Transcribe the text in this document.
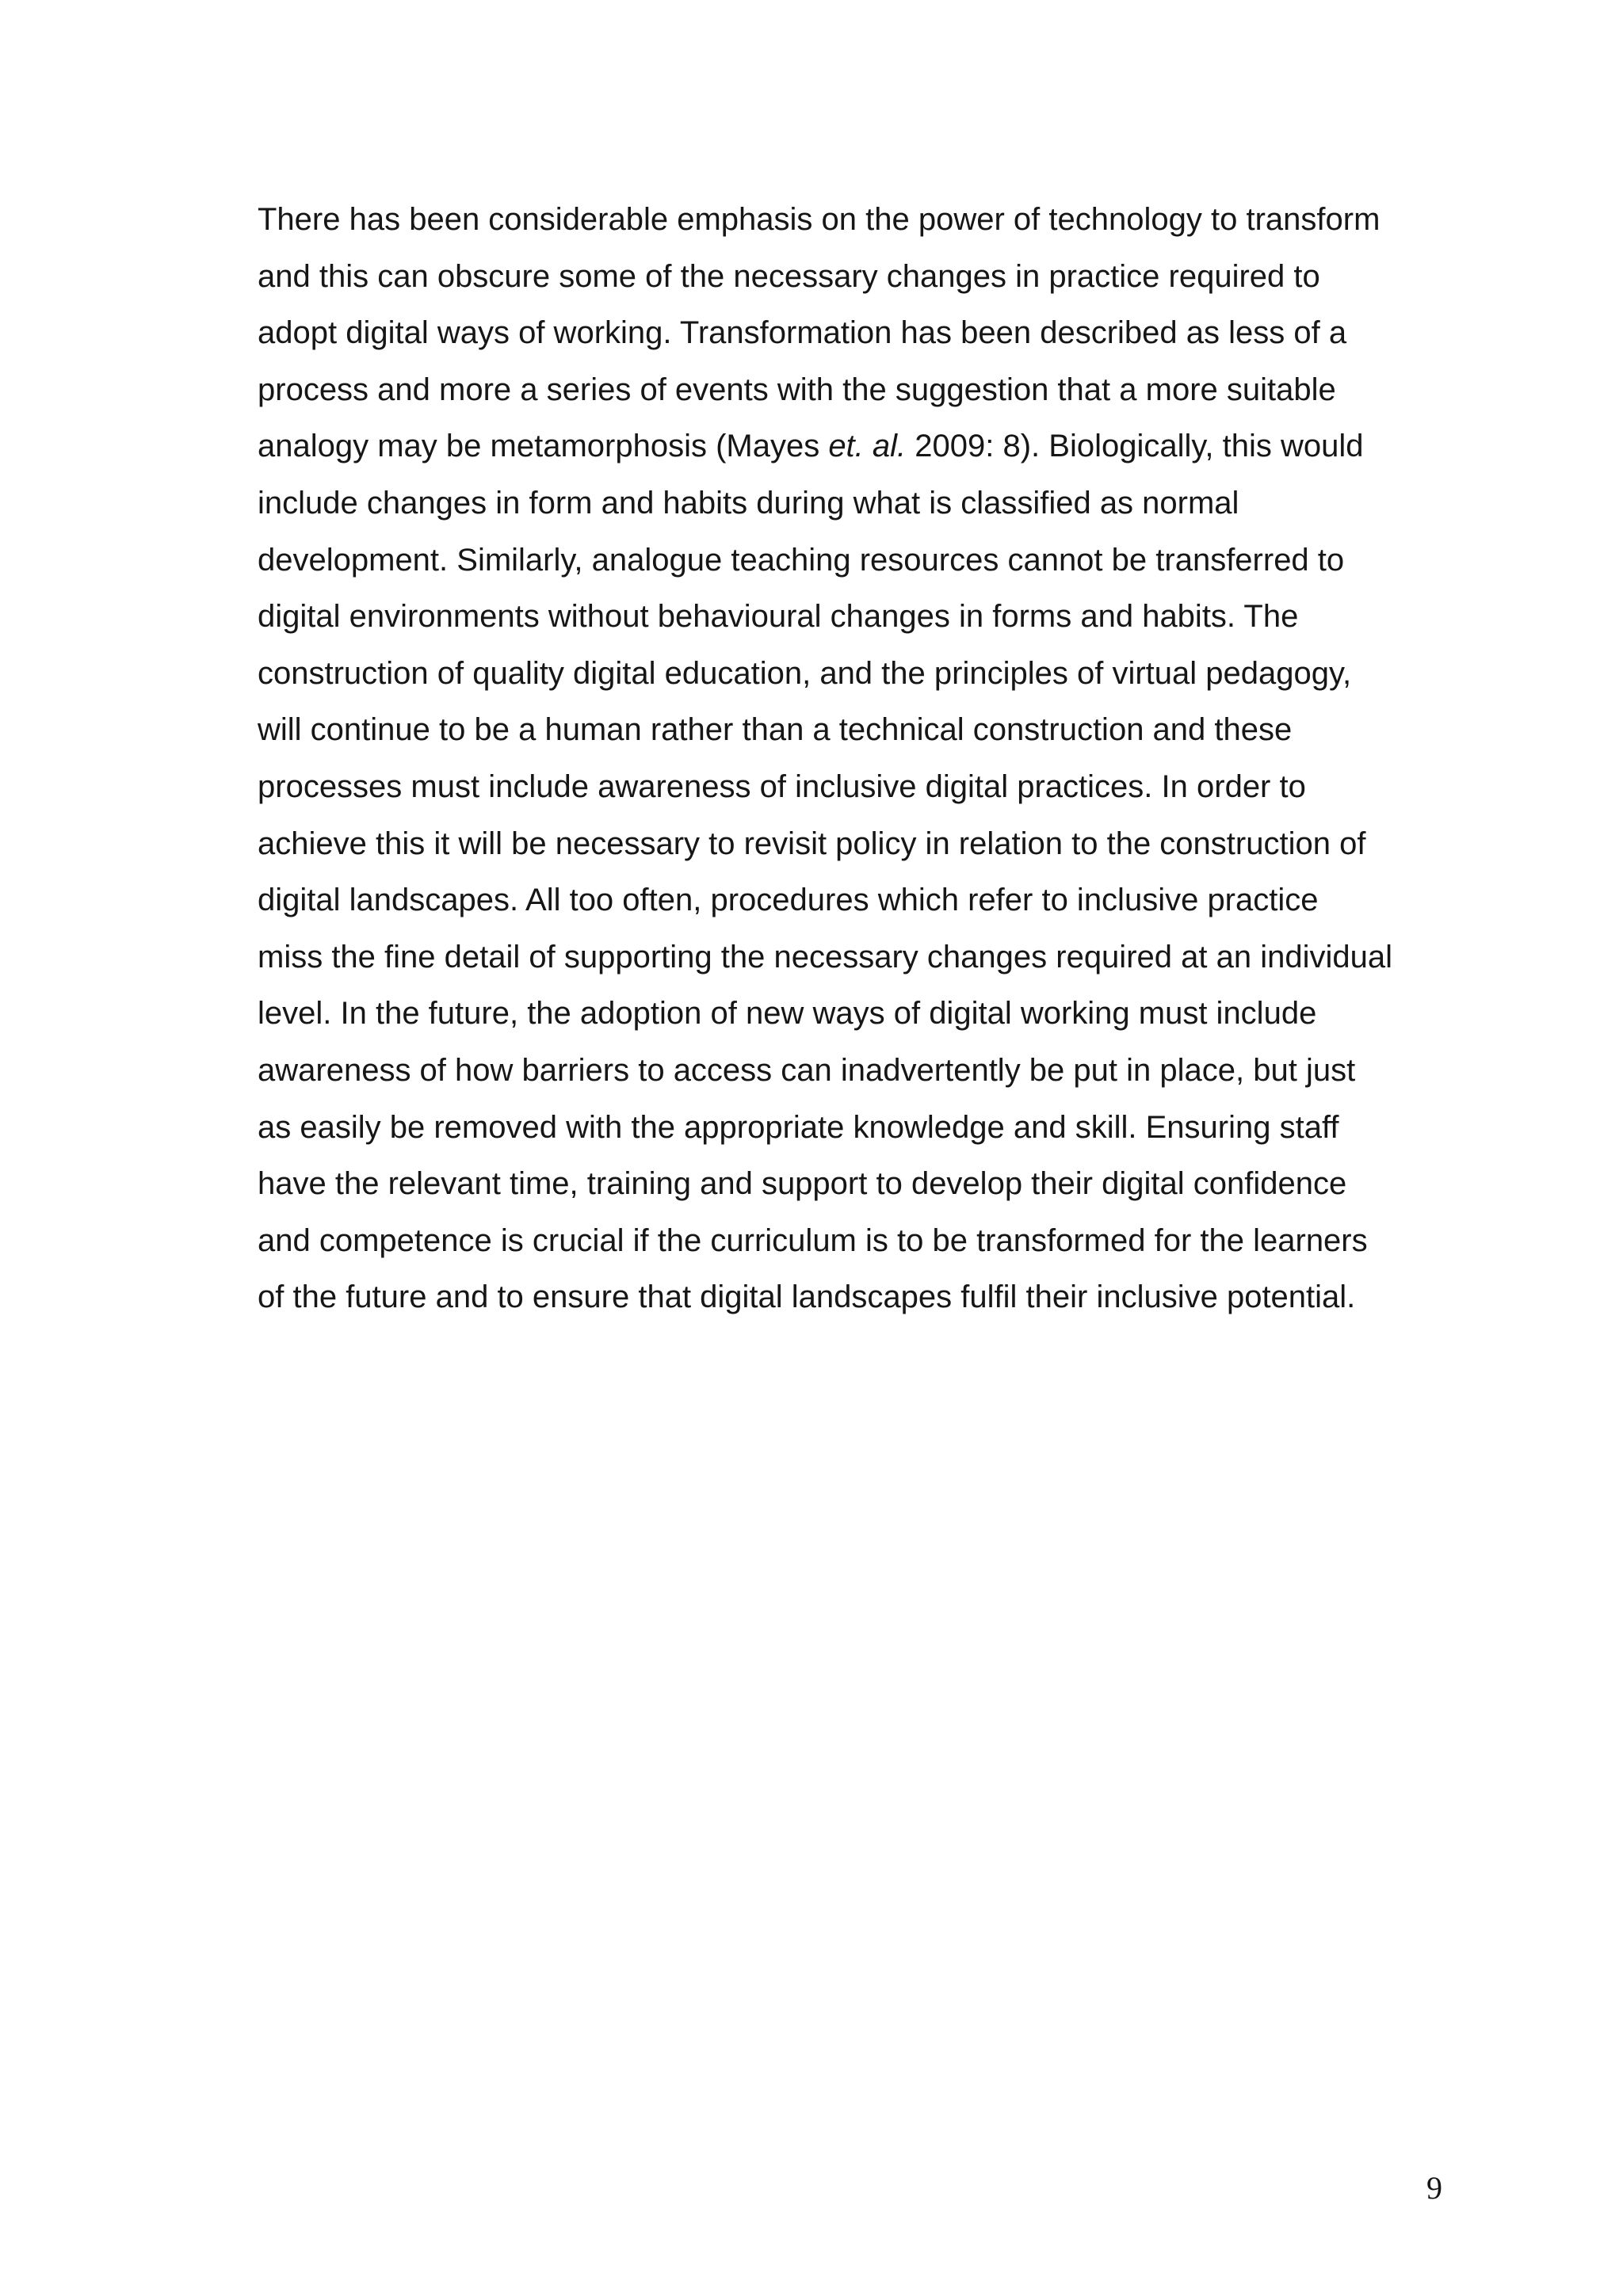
There has been considerable emphasis on the power of technology to transform
and this can obscure some of the necessary changes in practice required to
adopt digital ways of working. Transformation has been described as less of a
process and more a series of events with the suggestion that a more suitable
analogy may be metamorphosis (Mayes et. al. 2009: 8). Biologically, this would
include changes in form and habits during what is classified as normal
development. Similarly, analogue teaching resources cannot be transferred to
digital environments without behavioural changes in forms and habits. The
construction of quality digital education, and the principles of virtual pedagogy,
will continue to be a human rather than a technical construction and these
processes must include awareness of inclusive digital practices. In order to
achieve this it will be necessary to revisit policy in relation to the construction of
digital landscapes. All too often, procedures which refer to inclusive practice
miss the fine detail of supporting the necessary changes required at an individual
level. In the future, the adoption of new ways of digital working must include
awareness of how barriers to access can inadvertently be put in place, but just
as easily be removed with the appropriate knowledge and skill. Ensuring staff
have the relevant time, training and support to develop their digital confidence
and competence is crucial if the curriculum is to be transformed for the learners
of the future and to ensure that digital landscapes fulfil their inclusive potential.

9
